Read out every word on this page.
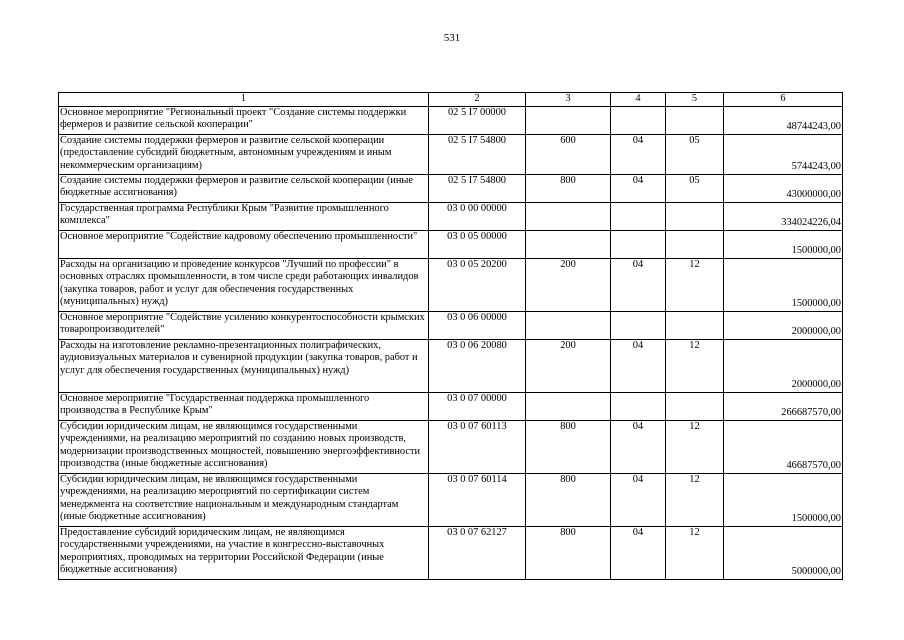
531
1	2	3	4	5	6
Основное мероприятие "Региональный проект "Создание системы поддержки фермеров и развитие сельской кооперации"	02 5 I7 00000				48744243,00
Создание системы поддержки фермеров и развитие сельской кооперации (предоставление субсидий бюджетным, автономным учреждениям и иным некоммерческим организациям)	02 5 I7 54800	600	04	05	5744243,00
Создание системы поддержки фермеров и развитие сельской кооперации (иные бюджетные ассигнования)	02 5 I7 54800	800	04	05	43000000,00
Государственная программа Республики Крым "Развитие промышленного комплекса"	03 0 00 00000				334024226,04
Основное мероприятие "Содействие кадровому обеспечению промышленности"	03 0 05 00000				1500000,00
Расходы на организацию и проведение конкурсов "Лучший по профессии" в основных отраслях промышленности, в том числе среди работающих инвалидов (закупка товаров, работ и услуг для обеспечения государственных (муниципальных) нужд)	03 0 05 20200	200	04	12	1500000,00
Основное мероприятие "Содействие усилению конкурентоспособности крымских товаропроизводителей"	03 0 06 00000				2000000,00
Расходы на изготовление рекламно-презентационных полиграфических, аудиовизуальных материалов и сувенирной продукции (закупка товаров, работ и услуг для обеспечения государственных (муниципальных) нужд)	03 0 06 20080	200	04	12	2000000,00
Основное мероприятие "Государственная поддержка промышленного производства в Республике Крым"	03 0 07 00000				266687570,00
Субсидии юридическим лицам, не являющимся государственными учреждениями, на реализацию мероприятий по созданию новых производств, модернизации производственных мощностей, повышению энергоэффективности производства (иные бюджетные ассигнования)	03 0 07 60113	800	04	12	46687570,00
Субсидии юридическим лицам, не являющимся государственными учреждениями, на реализацию мероприятий по сертификации систем менеджмента на соответствие национальным и международным стандартам (иные бюджетные ассигнования)	03 0 07 60114	800	04	12	1500000,00
Предоставление субсидий юридическим лицам, не являющимся государственными учреждениями, на участие в конгрессно-выставочных мероприятиях, проводимых на территории Российской Федерации (иные бюджетные ассигнования)	03 0 07 62127	800	04	12	5000000,00
